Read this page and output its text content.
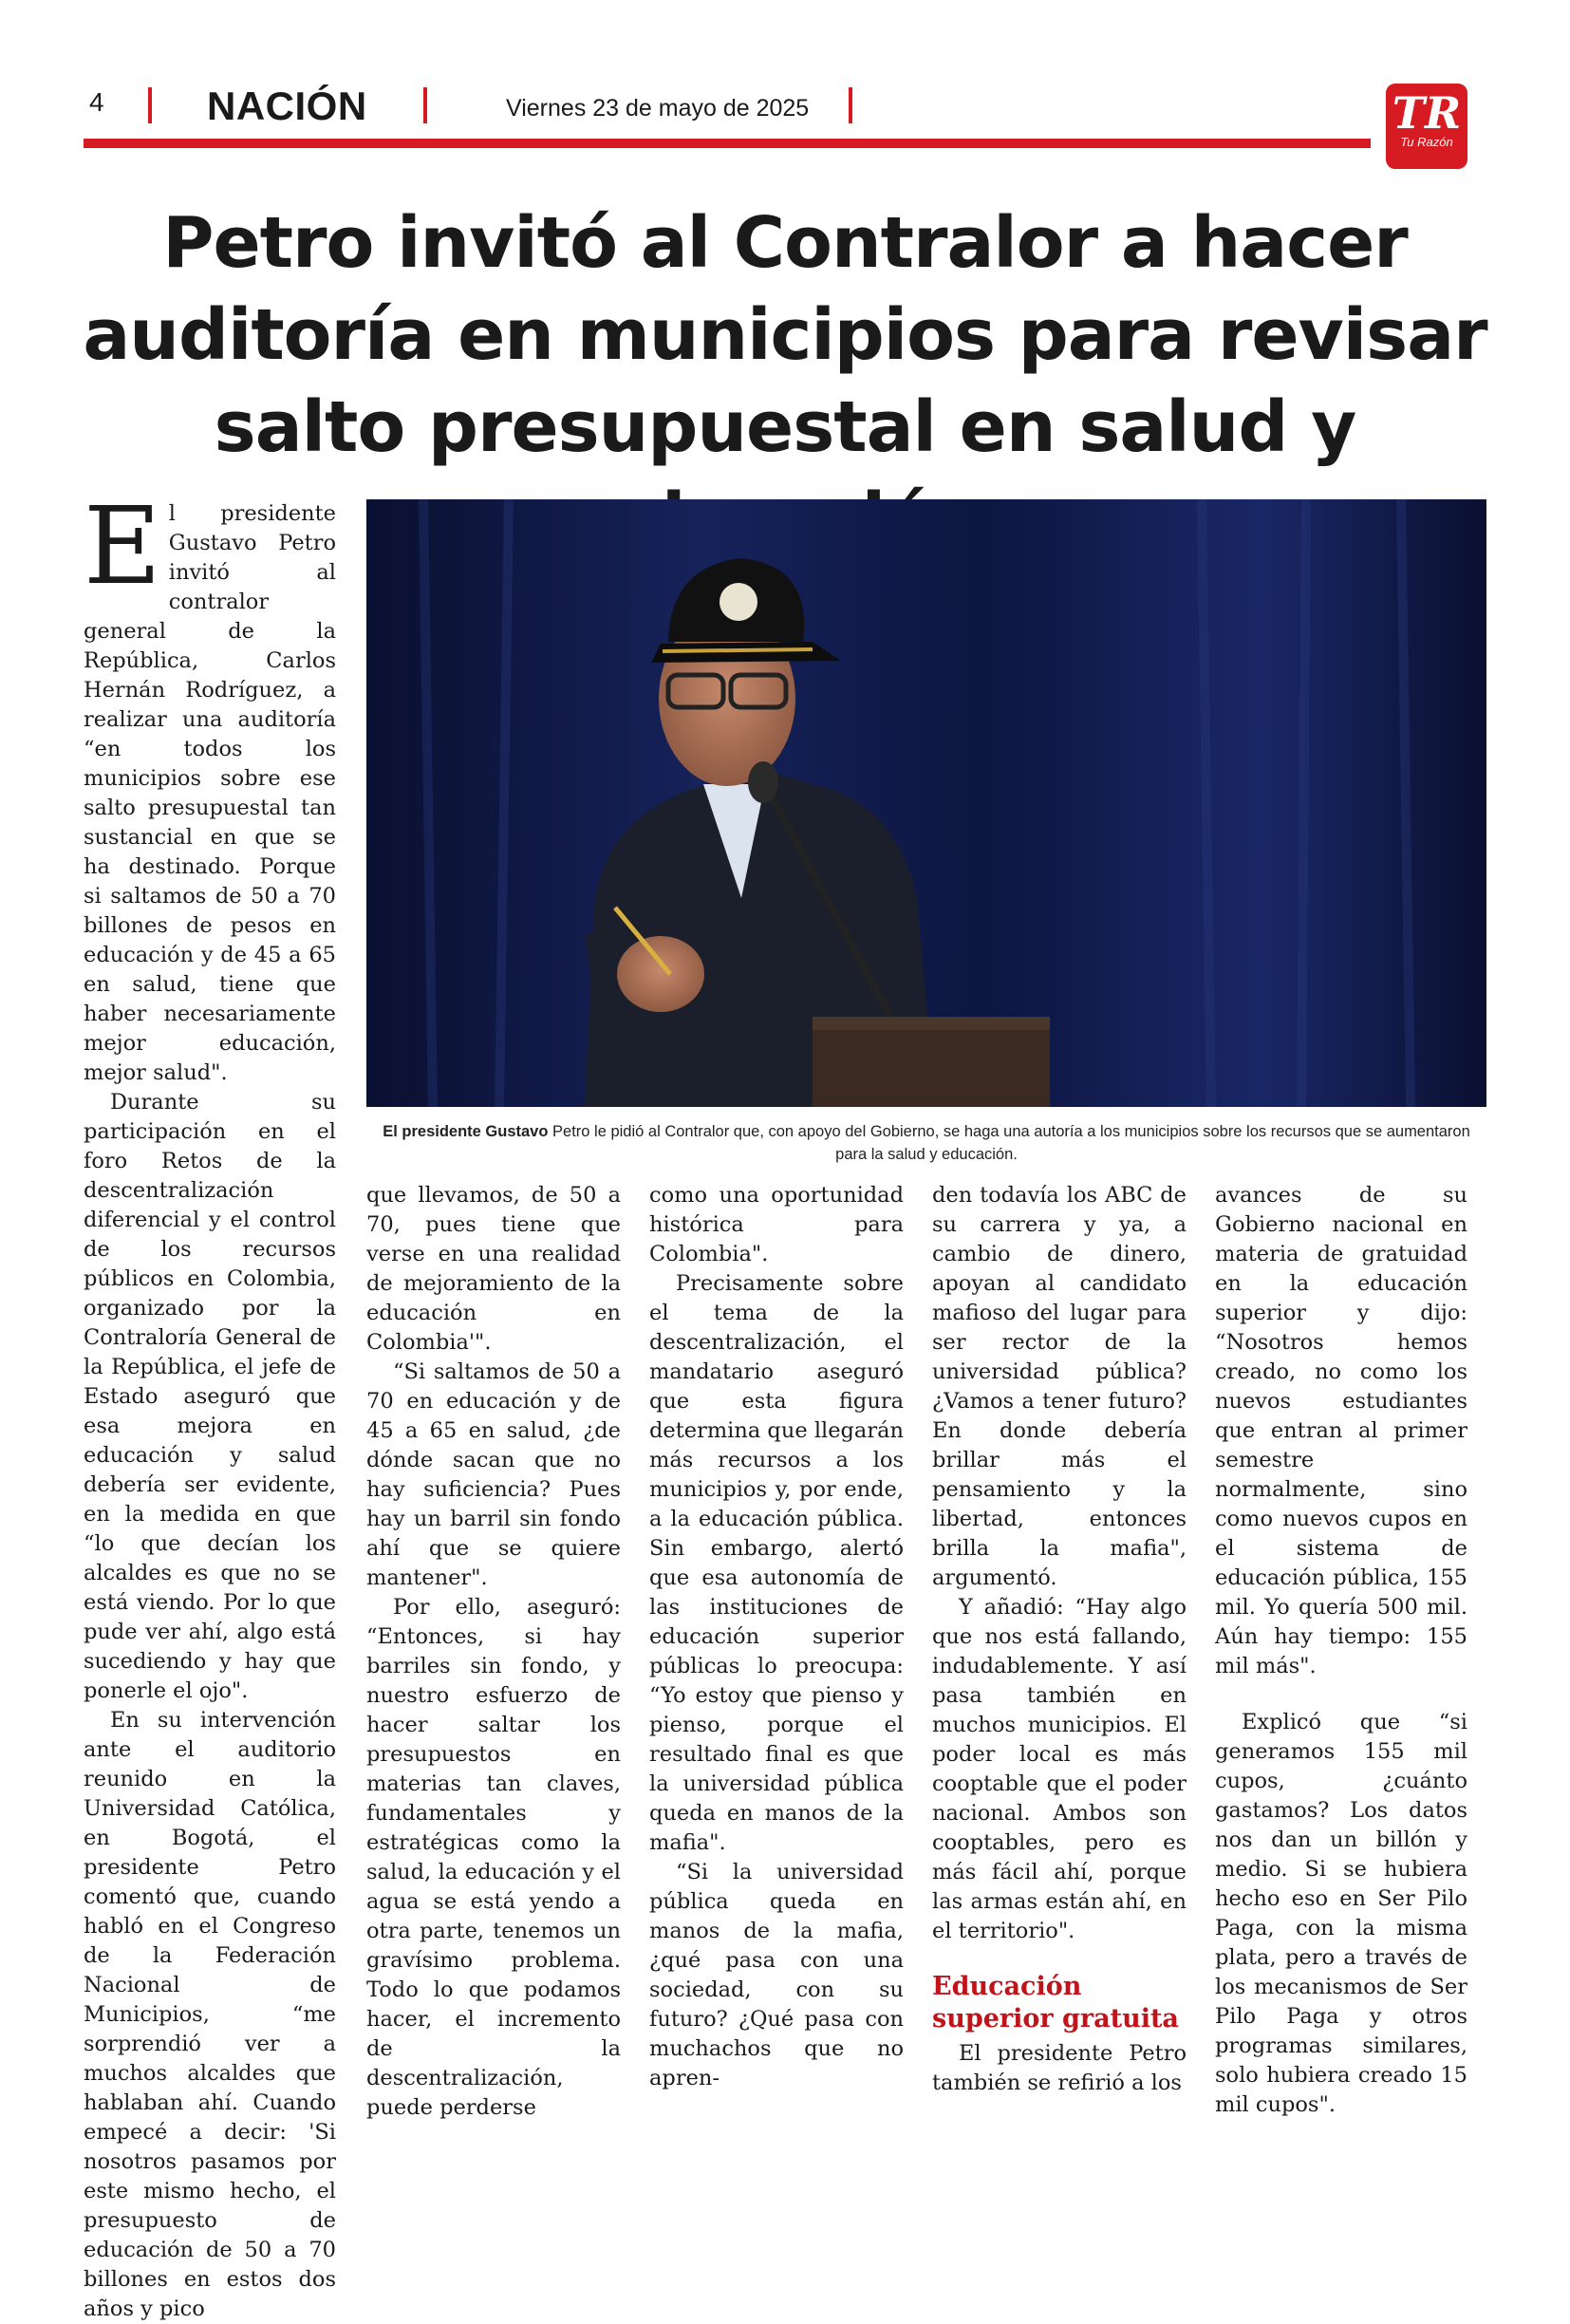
4	NACIÓN	Viernes 23 de mayo de 2025	TR
Tu Razón
Petro invitó al Contralor a hacer auditoría en municipios para revisar salto presupuestal en salud y
El presidente Gustavo Petro le pidió al Contralor que, con apoyo del Gobierno, se haga una autoría a los municipios sobre los recursos que se aumentaron para la salud y educación.

El presidente Gustavo Petro invitó al contralor general de la República, Carlos Hernán Rodríguez, a realizar una auditoría “en todos los municipios sobre ese salto presupuestal tan sustancial en que se ha destinado. Porque si saltamos de 50 a 70 billones de pesos en educación y de 45 a 65 en salud, tiene que haber necesariamente mejor educación, mejor salud".

Durante su participación en el foro Retos de la descentralización diferencial y el control de los recursos públicos en Colombia, organizado por la Contraloría General de la República, el jefe de Estado aseguró que esa mejora en educación y salud debería ser evidente, en la medida en que “lo que decían los alcaldes es que no se está viendo. Por lo que pude ver ahí, algo está sucediendo y hay que ponerle el ojo".

En su intervención ante el auditorio reunido en la Universidad Católica, en Bogotá, el presidente Petro comentó que, cuando habló en el Congreso de la Federación Nacional de Municipios, “me sorprendió ver a muchos alcaldes que hablaban ahí. Cuando empecé a decir: 'Si nosotros pasamos por este mismo hecho, el presupuesto de educación de 50 a 70 billones en estos dos años y pico

que llevamos, de 50 a 70, pues tiene que verse en una realidad de mejoramiento de la educación en Colombia'".

“Si saltamos de 50 a 70 en educación y de 45 a 65 en salud, ¿de dónde sacan que no hay suficiencia? Pues hay un barril sin fondo ahí que se quiere mantener".

Por ello, aseguró: “Entonces, si hay barriles sin fondo, y nuestro esfuerzo de hacer saltar los presupuestos en materias tan claves, fundamentales y estratégicas como la salud, la educación y el agua se está yendo a otra parte, tenemos un gravísimo problema. Todo lo que podamos hacer, el incremento de la descentralización, puede perderse

como una oportunidad histórica para Colombia".

Precisamente sobre el tema de la descentralización, el mandatario aseguró que esta figura determina que llegarán más recursos a los municipios y, por ende, a la educación pública. Sin embargo, alertó que esa autonomía de las instituciones de educación superior públicas lo preocupa: “Yo estoy que pienso y pienso, porque el resultado final es que la universidad pública queda en manos de la mafia".

“Si la universidad pública queda en manos de la mafia, ¿qué pasa con una sociedad, con su futuro? ¿Qué pasa con muchachos que no apren-

den todavía los ABC de su carrera y ya, a cambio de dinero, apoyan al candidato mafioso del lugar para ser rector de la universidad pública? ¿Vamos a tener futuro? En donde debería brillar más el pensamiento y la libertad, entonces brilla la mafia", argumentó.

Y añadió: “Hay algo que nos está fallando, indudablemente. Y así pasa también en muchos municipios. El poder local es más cooptable que el poder nacional. Ambos son cooptables, pero es más fácil ahí, porque las armas están ahí, en el territorio".

Educación superior gratuita

El presidente Petro también se refirió a los

avances de su Gobierno nacional en materia de gratuidad en la educación superior y dijo: “Nosotros hemos creado, no como los nuevos estudiantes que entran al primer semestre normalmente, sino como nuevos cupos en el sistema de educación pública, 155 mil. Yo quería 500 mil. Aún hay tiempo: 155 mil más".

Explicó que “si generamos 155 mil cupos, ¿cuánto gastamos? Los datos nos dan un billón y medio. Si se hubiera hecho eso en Ser Pilo Paga, con la misma plata, pero a través de los mecanismos de Ser Pilo Paga y otros programas similares, solo hubiera creado 15 mil cupos".
